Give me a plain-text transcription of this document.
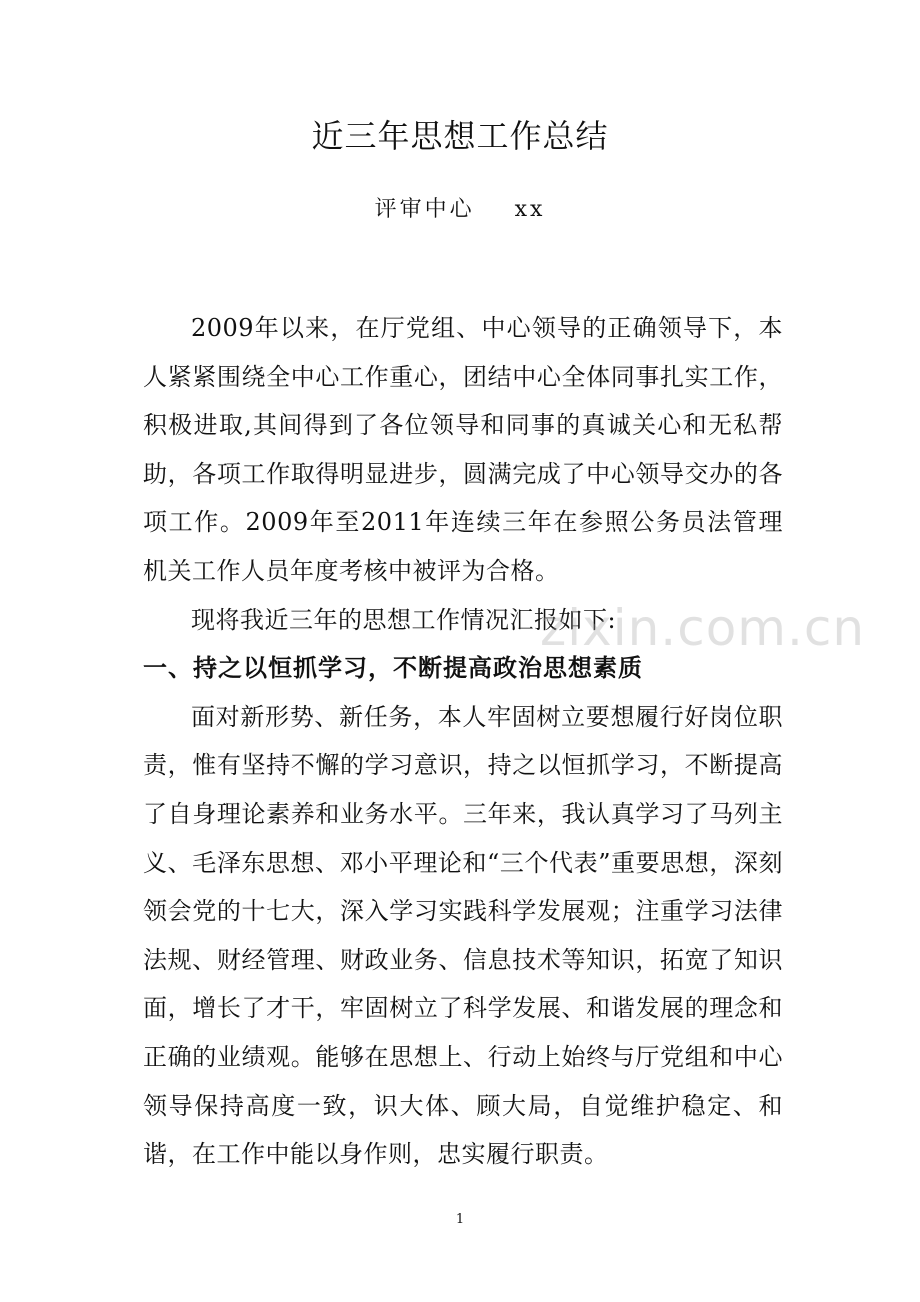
近三年思想工作总结
评审中心    xx

2009年以来，在厅党组、中心领导的正确领导下，本人紧紧围绕全中心工作重心，团结中心全体同事扎实工作，积极进取,其间得到了各位领导和同事的真诚关心和无私帮助，各项工作取得明显进步，圆满完成了中心领导交办的各项工作。2009年至2011年连续三年在参照公务员法管理机关工作人员年度考核中被评为合格。

现将我近三年的思想工作情况汇报如下:

一、持之以恒抓学习，不断提高政治思想素质

面对新形势、新任务，本人牢固树立要想履行好岗位职责，惟有坚持不懈的学习意识，持之以恒抓学习，不断提高了自身理论素养和业务水平。三年来，我认真学习了马列主义、毛泽东思想、邓小平理论和“三个代表”重要思想，深刻领会党的十七大，深入学习实践科学发展观；注重学习法律法规、财经管理、财政业务、信息技术等知识，拓宽了知识面，增长了才干，牢固树立了科学发展、和谐发展的理念和正确的业绩观。能够在思想上、行动上始终与厅党组和中心领导保持高度一致，识大体、顾大局，自觉维护稳定、和谐，在工作中能以身作则，忠实履行职责。

zixin.com.cn
1
